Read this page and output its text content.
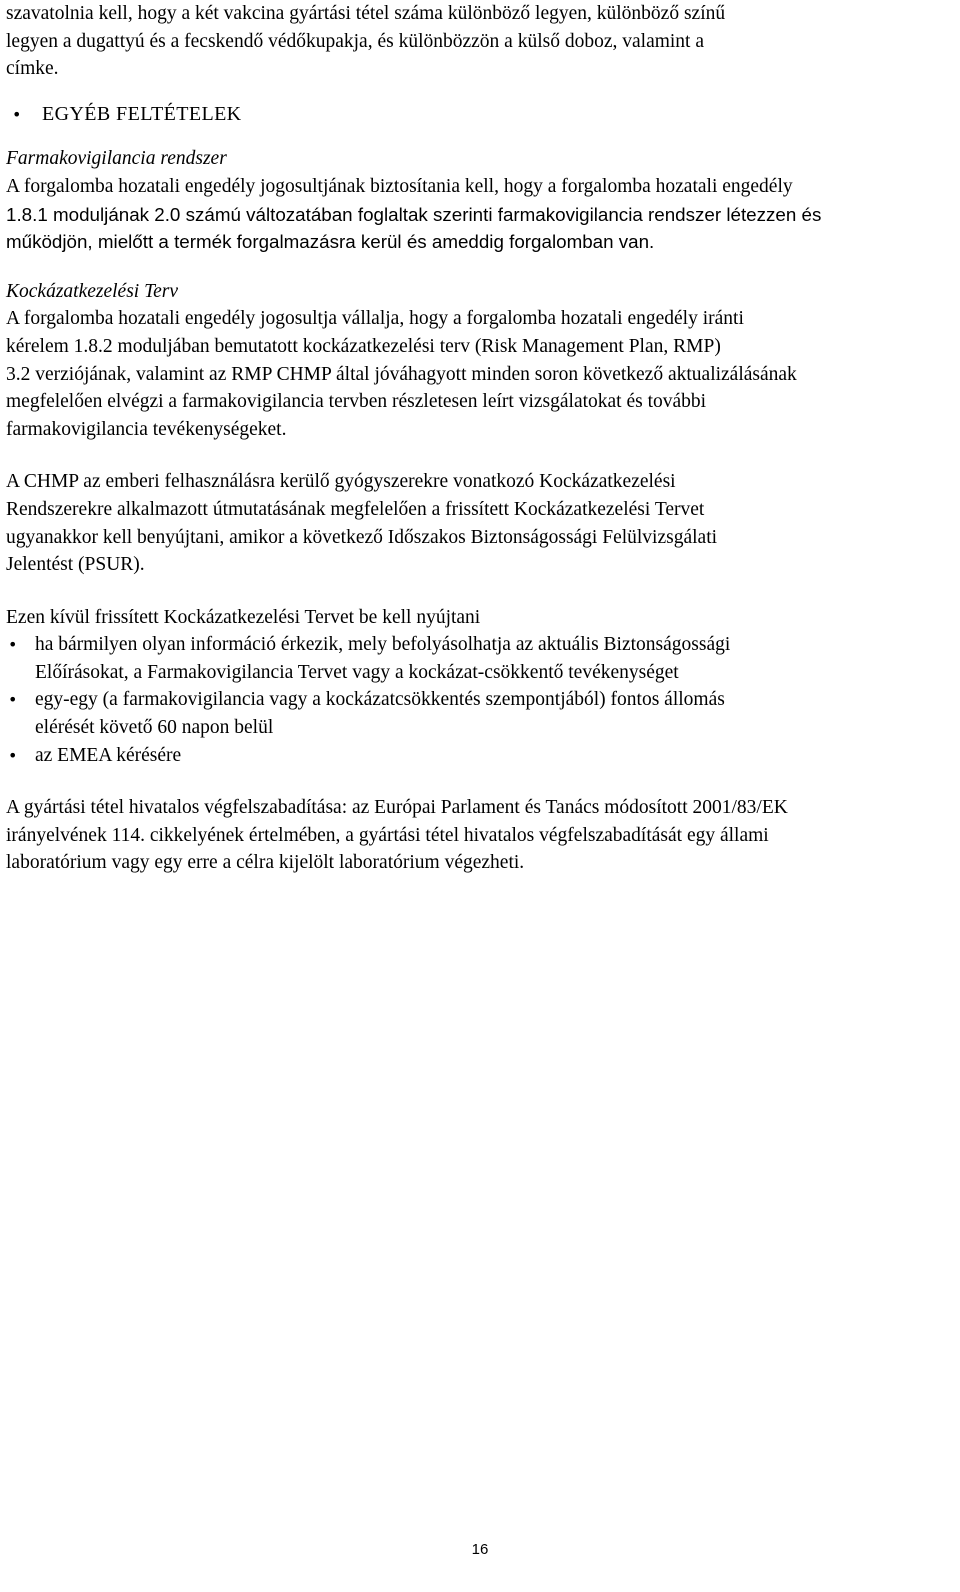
szavatolnia kell, hogy a két vakcina gyártási tétel száma különböző legyen, különböző színű

legyen a dugattyú és a fecskendő védőkupakja, és különbözzön a külső doboz, valamint a

címke.

• EGYÉB FELTÉTELEK

Farmakovigilancia rendszer

A forgalomba hozatali engedély jogosultjának biztosítania kell, hogy a forgalomba hozatali engedély

1.8.1 moduljának 2.0 számú változatában foglaltak szerinti farmakovigilancia rendszer létezzen és

működjön, mielőtt a termék forgalmazásra kerül és ameddig forgalomban van.

Kockázatkezelési Terv

A forgalomba hozatali engedély jogosultja vállalja, hogy a forgalomba hozatali engedély iránti

kérelem 1.8.2 moduljában bemutatott kockázatkezelési terv (Risk Management Plan, RMP)

3.2 verziójának, valamint az RMP CHMP által jóváhagyott minden soron következő aktualizálásának

megfelelően elvégzi a farmakovigilancia tervben részletesen leírt vizsgálatokat és további

farmakovigilancia tevékenységeket.

A CHMP az emberi felhasználásra kerülő gyógyszerekre vonatkozó Kockázatkezelési

Rendszerekre alkalmazott útmutatásának megfelelően a frissített Kockázatkezelési Tervet

ugyanakkor kell benyújtani, amikor a következő Időszakos Biztonságossági Felülvizsgálati

Jelentést (PSUR).

Ezen kívül frissített Kockázatkezelési Tervet be kell nyújtani

• ha bármilyen olyan információ érkezik, mely befolyásolhatja az aktuális Biztonságossági
Előírásokat, a Farmakovigilancia Tervet vagy a kockázat-csökkentő tevékenységet
• egy-egy (a farmakovigilancia vagy a kockázatcsökkentés szempontjából) fontos állomás
elérését követő 60 napon belül
• az EMEA kérésére

A gyártási tétel hivatalos végfelszabadítása: az Európai Parlament és Tanács módosított 2001/83/EK

irányelvének 114. cikkelyének értelmében, a gyártási tétel hivatalos végfelszabadítását egy állami

laboratórium vagy egy erre a célra kijelölt laboratórium végezheti.

16
